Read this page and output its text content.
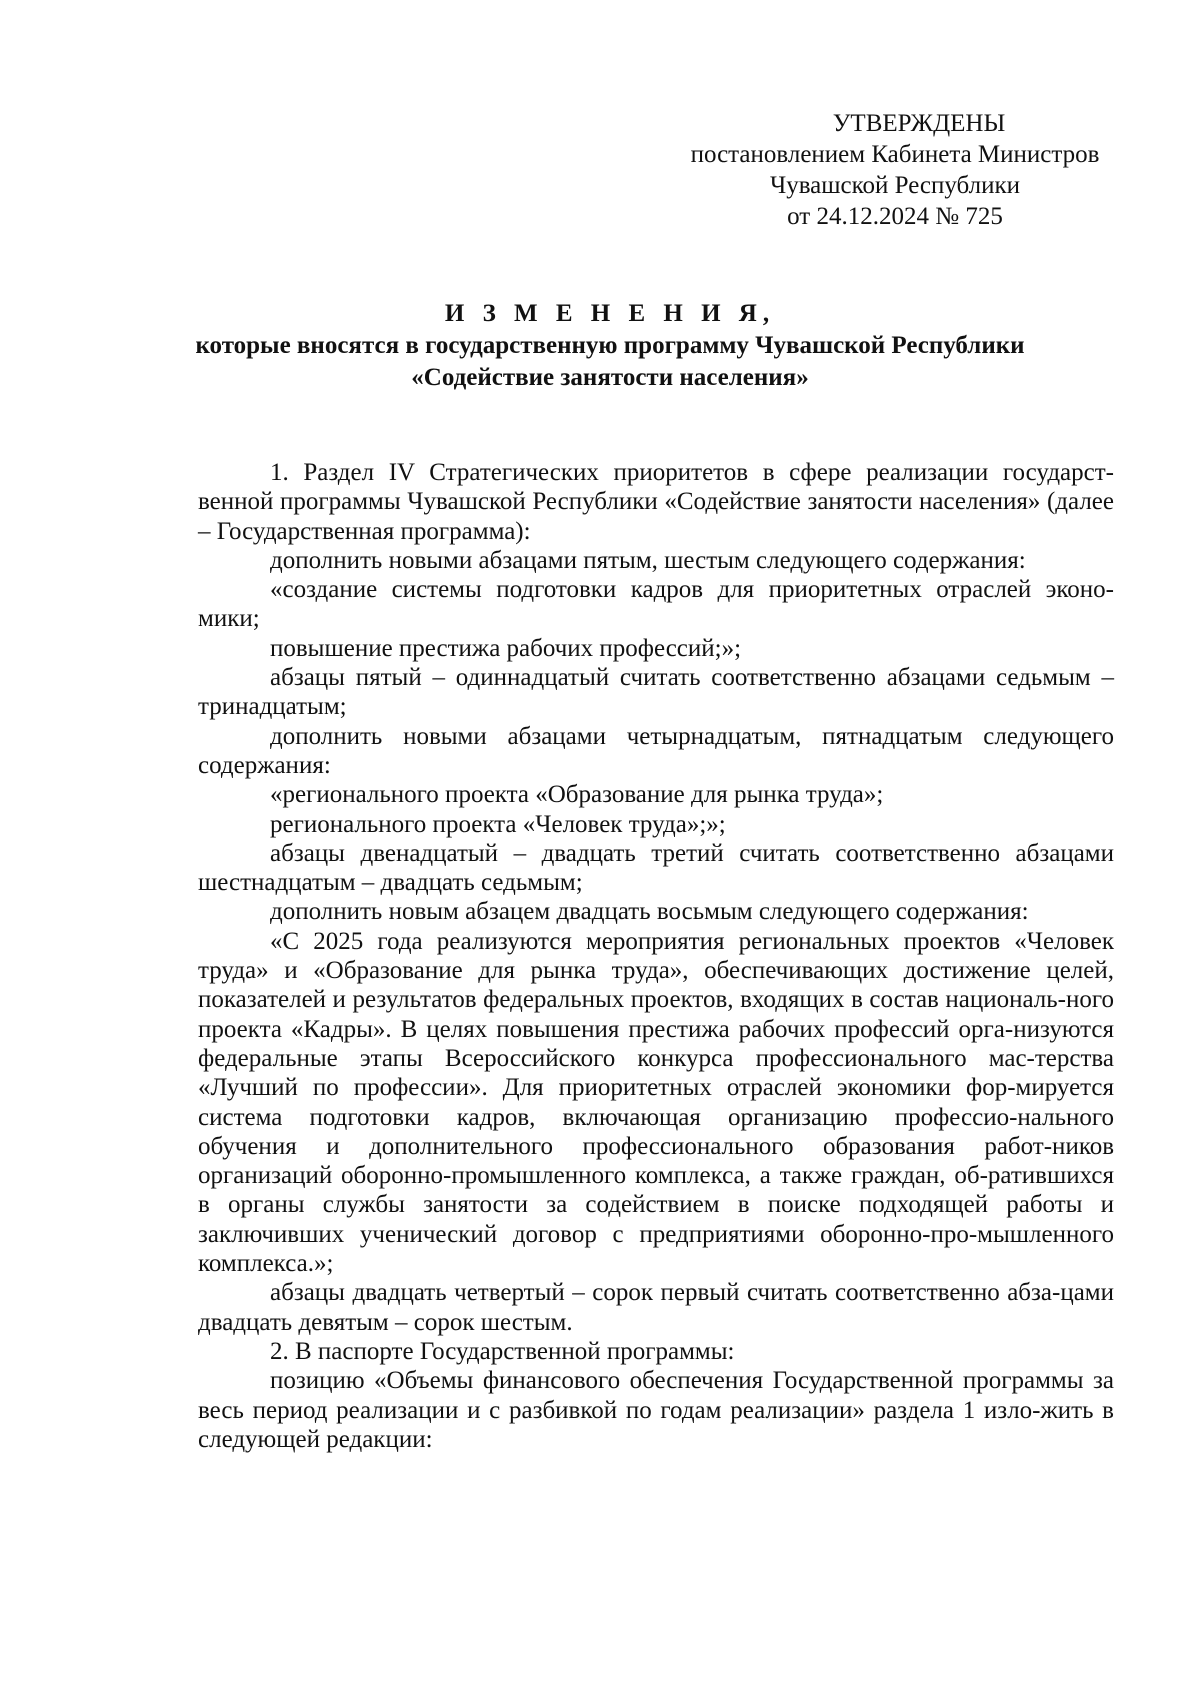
УТВЕРЖДЕНЫ
постановлением Кабинета Министров
Чувашской Республики
от 24.12.2024 № 725
И З М Е Н Е Н И Я,
которые вносятся в государственную программу Чувашской Республики
«Содействие занятости населения»

1. Раздел IV Стратегических приоритетов в сфере реализации государст-венной программы Чувашской Республики «Содействие занятости населения» (далее – Государственная программа):

дополнить новыми абзацами пятым, шестым следующего содержания:

«создание системы подготовки кадров для приоритетных отраслей эконо-мики;

повышение престижа рабочих профессий;»;

абзацы пятый – одиннадцатый считать соответственно абзацами седьмым – тринадцатым;

дополнить новыми абзацами четырнадцатым, пятнадцатым следующего содержания:

«регионального проекта «Образование для рынка труда»;

регионального проекта «Человек труда»;»;

абзацы двенадцатый – двадцать третий считать соответственно абзацами шестнадцатым – двадцать седьмым;

дополнить новым абзацем двадцать восьмым следующего содержания:

«С 2025 года реализуются мероприятия региональных проектов «Человек труда» и «Образование для рынка труда», обеспечивающих достижение целей, показателей и результатов федеральных проектов, входящих в состав националь-ного проекта «Кадры». В целях повышения престижа рабочих профессий орга-низуются федеральные этапы Всероссийского конкурса профессионального мас-терства «Лучший по профессии». Для приоритетных отраслей экономики фор-мируется система подготовки кадров, включающая организацию профессио-нального обучения и дополнительного профессионального образования работ-ников организаций оборонно-промышленного комплекса, а также граждан, об-ратившихся в органы службы занятости за содействием в поиске подходящей работы и заключивших ученический договор с предприятиями оборонно-про-мышленного комплекса.»;

абзацы двадцать четвертый – сорок первый считать соответственно абза-цами двадцать девятым – сорок шестым.

2. В паспорте Государственной программы:

позицию «Объемы финансового обеспечения Государственной программы за весь период реализации и с разбивкой по годам реализации» раздела 1 изло-жить в следующей редакции:
